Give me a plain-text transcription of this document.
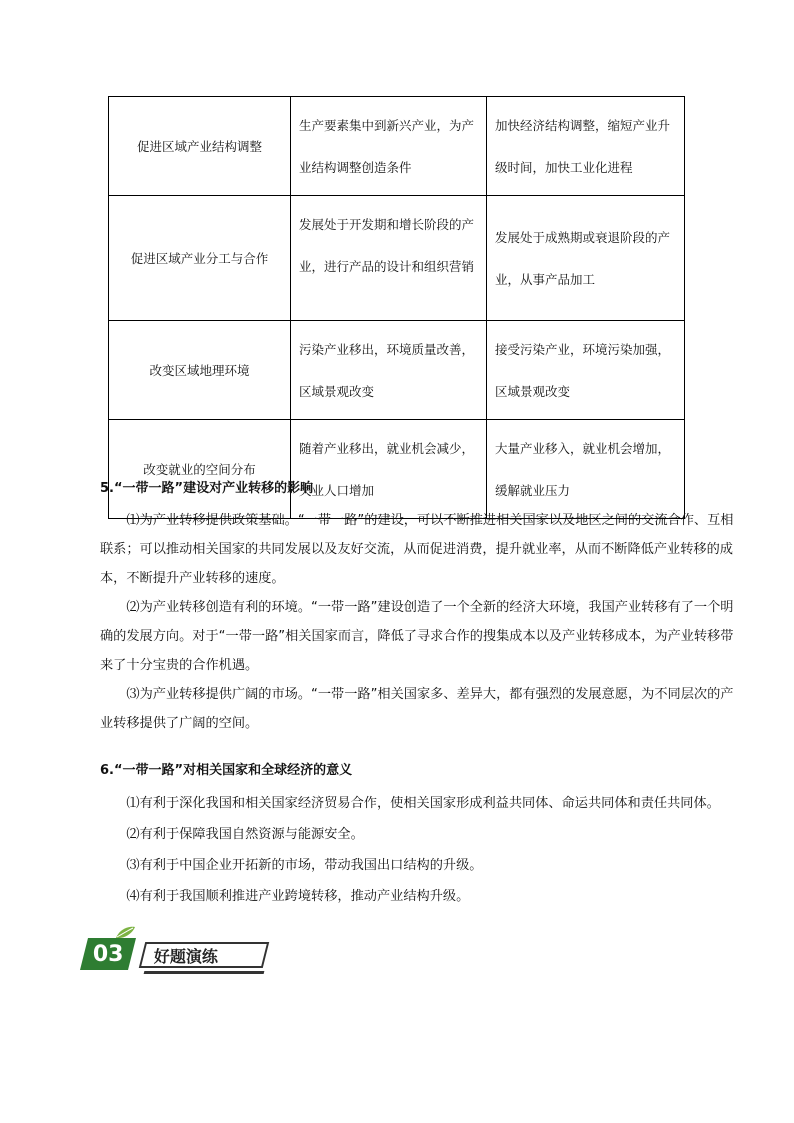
促进区域产业结构调整	生产要素集中到新兴产业，为产业结构调整创造条件	加快经济结构调整，缩短产业升级时间，加快工业化进程
促进区域产业分工与合作	发展处于开发期和增长阶段的产业，进行产品的设计和组织营销	发展处于成熟期或衰退阶段的产业，从事产品加工
改变区域地理环境	污染产业移出，环境质量改善，区域景观改变	接受污染产业，环境污染加强，区域景观改变
改变就业的空间分布	随着产业移出，就业机会减少，失业人口增加	大量产业移入，就业机会增加，缓解就业压力
5.“一带一路”建设对产业转移的影响
⑴为产业转移提供政策基础。“一带一路”的建设，可以不断推进相关国家以及地区之间的交流合作、互相联系；可以推动相关国家的共同发展以及友好交流，从而促进消费，提升就业率，从而不断降低产业转移的成本，不断提升产业转移的速度。
⑵为产业转移创造有利的环境。“一带一路”建设创造了一个全新的经济大环境，我国产业转移有了一个明确的发展方向。对于“一带一路”相关国家而言，降低了寻求合作的搜集成本以及产业转移成本，为产业转移带来了十分宝贵的合作机遇。
⑶为产业转移提供广阔的市场。“一带一路”相关国家多、差异大，都有强烈的发展意愿，为不同层次的产业转移提供了广阔的空间。
6.“一带一路”对相关国家和全球经济的意义
⑴有利于深化我国和相关国家经济贸易合作，使相关国家形成利益共同体、命运共同体和责任共同体。
⑵有利于保障我国自然资源与能源安全。
⑶有利于中国企业开拓新的市场，带动我国出口结构的升级。
⑷有利于我国顺利推进产业跨境转移，推动产业结构升级。
03 好题演练
